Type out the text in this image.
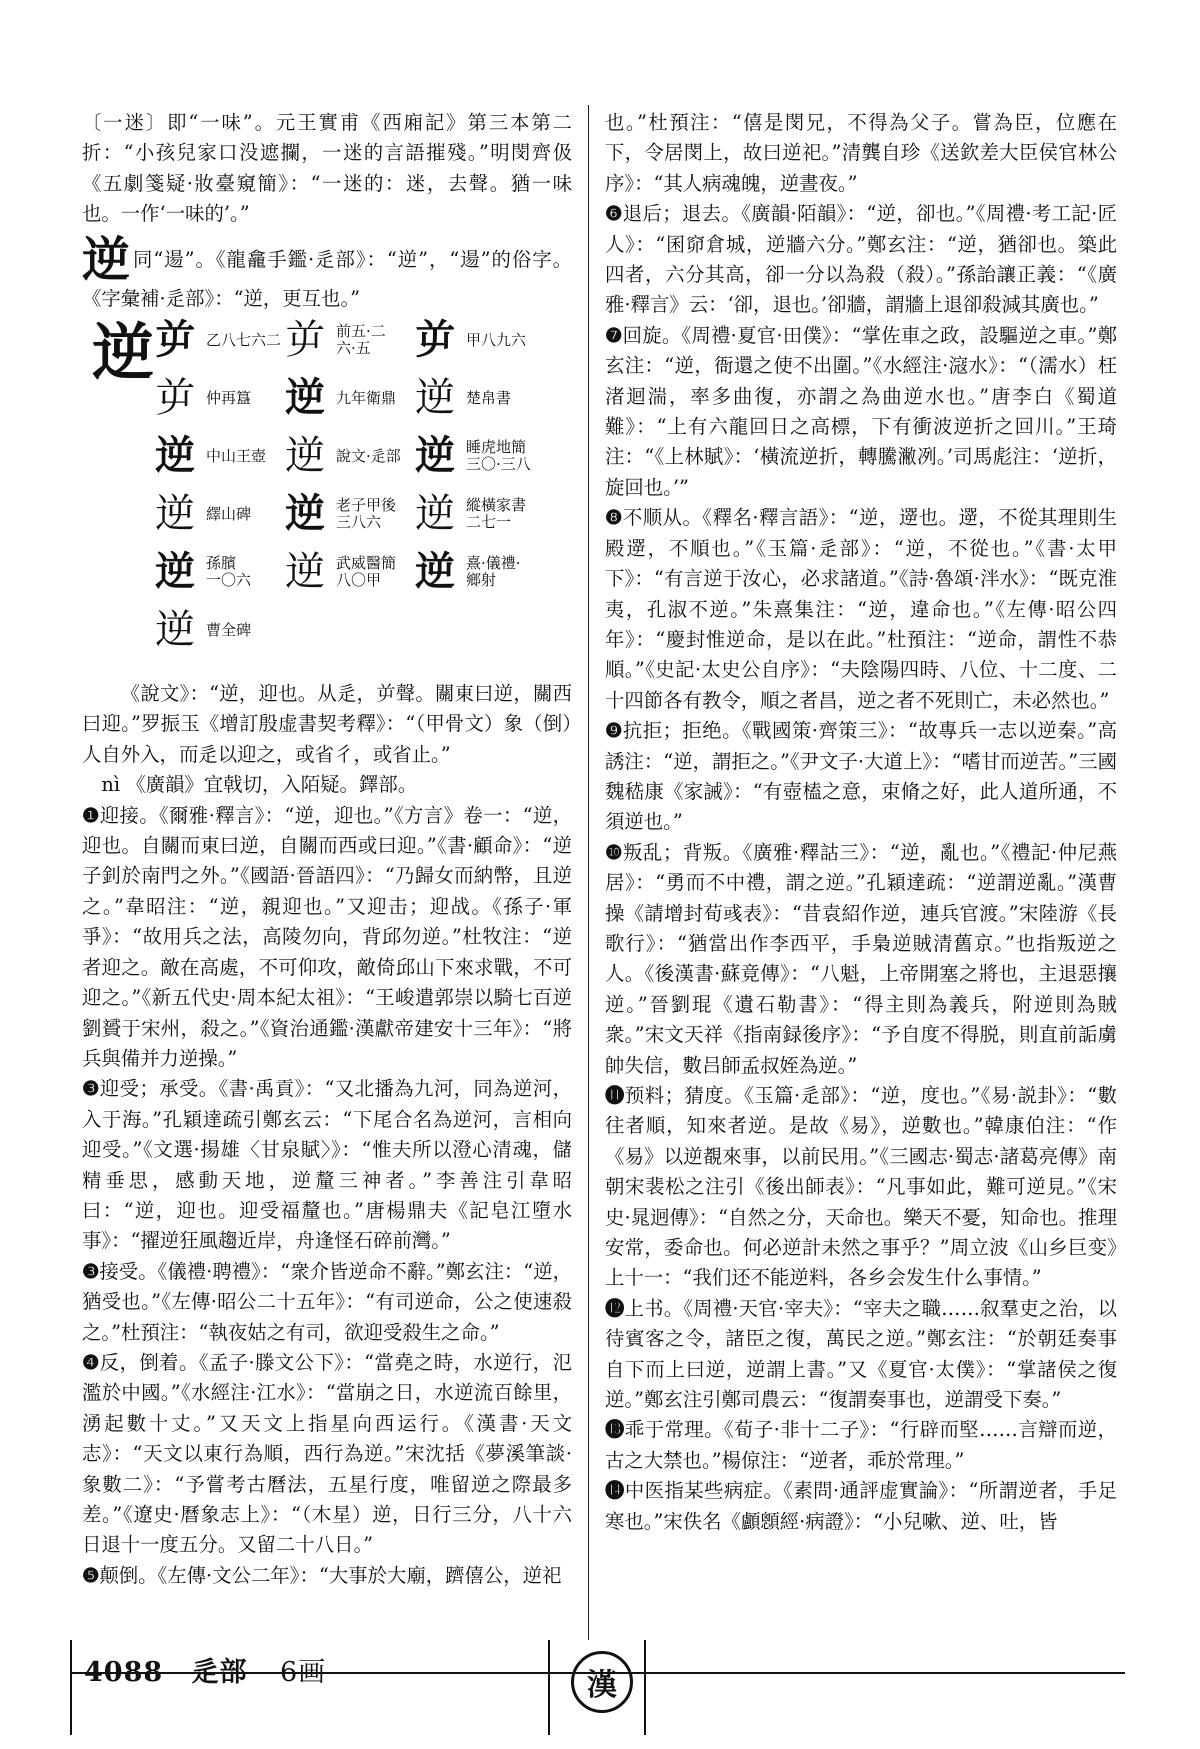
〔一迷〕即“一味”。元王實甫《西廂記》第三本第二折：“小孩兒家口没遮攔，一迷的言語摧殘。”明閔齊伋《五劇箋疑·妝臺窺簡》：“一迷的：迷，去聲。猶一味也。一作‘一味的’。”

逆同“逿”。《龍龕手鑑·辵部》：“逆”，“逿”的俗字。《字彙補·辵部》：“逆，更互也。”

逆 屰 乙八七六二 屰 前五·二
六·五	屰 甲八九六
屰 仲再簋 逆 九年衛鼎 逆 楚帛書
逆 中山王壺 逆 說文·辵部 逆 睡虎地簡
三〇·三八
逆 繹山碑 逆 老子甲後
三八六 逆 縱橫家書
二七一
逆 孫臏
一〇六 逆 武威醫簡
八〇甲 逆 熹·儀禮·
鄉射
逆 曹全碑

《說文》：“逆，迎也。从辵，屰聲。關東曰逆，關西曰迎。”罗振玉《增訂殷虚書契考釋》：“（甲骨文）象（倒）人自外入，而辵以迎之，或省彳，或省止。”

nì 《廣韻》宜戟切，入陌疑。鐸部。

❶迎接。《爾雅·釋言》：“逆，迎也。”《方言》卷一：“逆，迎也。自關而東曰逆，自關而西或曰迎。”《書·顧命》：“逆子釗於南門之外。”《國語·晉語四》：“乃歸女而納幣，且逆之。”韋昭注：“逆，親迎也。”又迎击；迎战。《孫子·軍爭》：“故用兵之法，高陵勿向，背邱勿逆。”杜牧注：“逆者迎之。敵在高處，不可仰攻，敵倚邱山下來求戰，不可迎之。”《新五代史·周本紀太祖》：“王峻遣郭崇以騎七百逆劉贇于宋州，殺之。”《資治通鑑·漢獻帝建安十三年》：“將兵與備并力逆操。”

❸迎受；承受。《書·禹貢》：“又北播為九河，同為逆河，入于海。”孔穎達疏引鄭玄云：“下尾合名為逆河，言相向迎受。”《文選·揚雄〈甘泉賦〉》：“惟夫所以澄心清魂，儲精垂思，感動天地，逆釐三神者。”李善注引韋昭曰：“逆，迎也。迎受福釐也。”唐楊鼎夫《記皂江墮水事》：“擢逆狂風趨近岸，舟逢怪石碎前灣。”

❸接受。《儀禮·聘禮》：“衆介皆逆命不辭。”鄭玄注：“逆，猶受也。”《左傳·昭公二十五年》：“有司逆命，公之使速殺之。”杜預注：“執夜姑之有司，欲迎受殺生之命。”

❹反，倒着。《孟子·滕文公下》：“當堯之時，水逆行，氾濫於中國。”《水經注·江水》：“當崩之日，水逆流百餘里，湧起數十丈。”又天文上指星向西运行。《漢書·天文志》：“天文以東行為順，西行為逆。”宋沈括《夢溪筆談·象數二》：“予嘗考古曆法，五星行度，唯留逆之際最多差。”《遼史·曆象志上》：“（木星）逆，日行三分，八十六日退十一度五分。又留二十八日。”

❺颠倒。《左傳·文公二年》：“大事於大廟，躋僖公，逆祀

也。”杜預注：“僖是閔兄，不得為父子。嘗為臣，位應在下，令居閔上，故曰逆祀。”清龔自珍《送欽差大臣侯官林公序》：“其人病魂魄，逆晝夜。”

❻退后；退去。《廣韻·陌韻》：“逆，卻也。”《周禮·考工記·匠人》：“囷窌倉城，逆牆六分。”鄭玄注：“逆，猶卻也。築此四者，六分其高，卻一分以為殺（殺）。”孫詒讓正義：“《廣雅·釋言》云：‘卻，退也。’卻牆，謂牆上退卻殺減其廣也。”

❼回旋。《周禮·夏官·田僕》：“掌佐車之政，設驅逆之車。”鄭玄注：“逆，衙還之使不出圍。”《水經注·滱水》：“（濡水）枉渚迴湍，率多曲復，亦謂之為曲逆水也。”唐李白《蜀道難》：“上有六龍回日之高標，下有衝波逆折之回川。”王琦注：“《上林賦》：‘橫流逆折，轉騰潎冽。’司馬彪注：‘逆折，旋回也。’”

❽不顺从。《釋名·釋言語》：“逆，遻也。遻，不從其理則生殿遻，不順也。”《玉篇·辵部》：“逆，不從也。”《書·太甲下》：“有言逆于汝心，必求諸道。”《詩·魯頌·泮水》：“既克淮夷，孔淑不逆。”朱熹集注：“逆，違命也。”《左傳·昭公四年》：“慶封惟逆命，是以在此。”杜預注：“逆命，謂性不恭順。”《史記·太史公自序》：“夫陰陽四時、八位、十二度、二十四節各有教令，順之者昌，逆之者不死則亡，未必然也。”

❾抗拒；拒绝。《戰國策·齊策三》：“故專兵一志以逆秦。”高誘注：“逆，謂拒之。”《尹文子·大道上》：“嗜甘而逆苦。”三國魏嵇康《家誡》：“有壺榼之意，束脩之好，此人道所通，不須逆也。”

❿叛乱；背叛。《廣雅·釋詁三》：“逆，亂也。”《禮記·仲尼燕居》：“勇而不中禮，謂之逆。”孔穎達疏：“逆謂逆亂。”漢曹操《請增封荀彧表》：“昔袁紹作逆，連兵官渡。”宋陸游《長歌行》：“猶當出作李西平，手梟逆賊清舊京。”也指叛逆之人。《後漢書·蘇竟傳》：“八魁，上帝開塞之將也，主退惡攘逆。”晉劉琨《遺石勒書》：“得主則為義兵，附逆則為賊衆。”宋文天祥《指南録後序》：“予自度不得脱，則直前詬虜帥失信，數吕師孟叔姪為逆。”

⓫预料；猜度。《玉篇·辵部》：“逆，度也。”《易·説卦》：“數往者順，知來者逆。是故《易》，逆數也。”韓康伯注：“作《易》以逆覩來事，以前民用。”《三國志·蜀志·諸葛亮傳》南朝宋裴松之注引《後出師表》：“凡事如此，難可逆見。”《宋史·晁迥傳》：“自然之分，天命也。樂天不憂，知命也。推理安常，委命也。何必逆計未然之事乎？”周立波《山乡巨变》上十一：“我们还不能逆料，各乡会发生什么事情。”

⓬上书。《周禮·天官·宰夫》：“宰夫之職……叙羣吏之治，以待賓客之令，諸臣之復，萬民之逆。”鄭玄注：“於朝廷奏事自下而上曰逆，逆謂上書。”又《夏官·太僕》：“掌諸侯之復逆。”鄭玄注引鄭司農云：“復謂奏事也，逆謂受下奏。”

⓭乖于常理。《荀子·非十二子》：“行辟而堅……言辯而逆，古之大禁也。”楊倞注：“逆者，乖於常理。”

⓮中医指某些病症。《素問·通評虚實論》：“所謂逆者，手足寒也。”宋佚名《顱顖經·病證》：“小兒嗽、逆、吐，皆

4088 辵部 6画	漢
